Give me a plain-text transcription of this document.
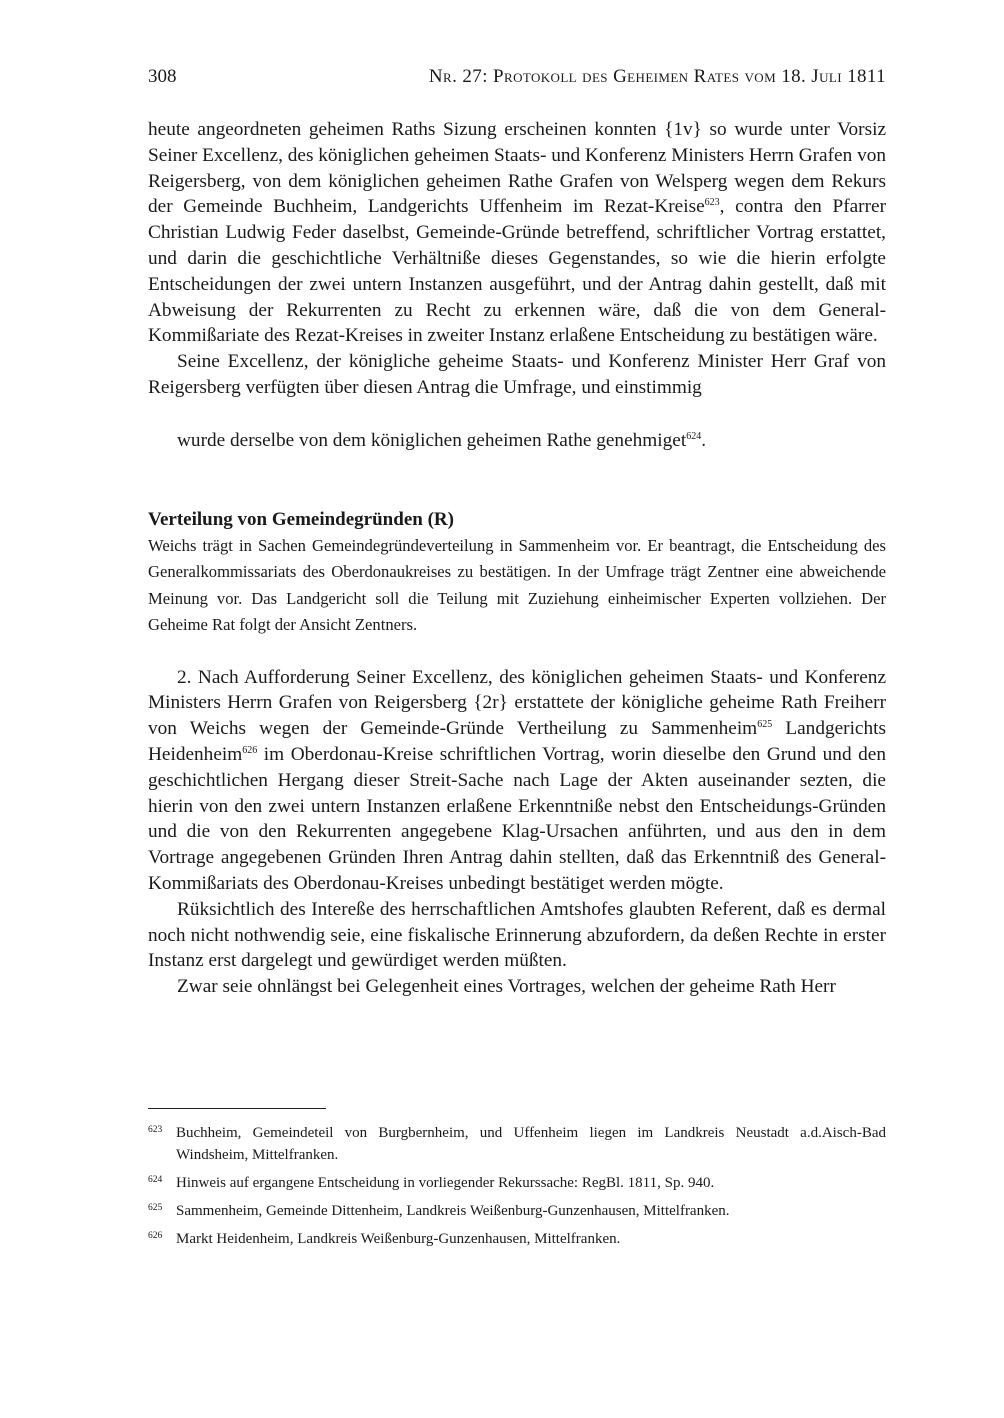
308	Nr. 27: Protokoll des Geheimen Rates vom 18. Juli 1811

heute angeordneten geheimen Raths Sizung erscheinen konnten {1v} so wurde unter Vorsiz Seiner Excellenz, des königlichen geheimen Staats- und Konferenz Ministers Herrn Grafen von Reigersberg, von dem königlichen geheimen Rathe Grafen von Welsperg wegen dem Rekurs der Gemeinde Buchheim, Landgerichts Uffenheim im Rezat-Kreise$^{623}$, contra den Pfarrer Christian Ludwig Feder daselbst, Gemeinde-Gründe betreffend, schriftlicher Vortrag erstattet, und darin die geschichtliche Verhältniße dieses Gegenstandes, so wie die hierin erfolgte Entscheidungen der zwei untern Instanzen ausgeführt, und der Antrag dahin gestellt, daß mit Abweisung der Rekurrenten zu Recht zu erkennen wäre, daß die von dem General-Kommißariate des Rezat-Kreises in zweiter Instanz erlaßene Entscheidung zu bestätigen wäre.

Seine Excellenz, der königliche geheime Staats- und Konferenz Minister Herr Graf von Reigersberg verfügten über diesen Antrag die Umfrage, und einstimmig

wurde derselbe von dem königlichen geheimen Rathe genehmiget$^{624}$.

Verteilung von Gemeindegründen (R)

Weichs trägt in Sachen Gemeindegründeverteilung in Sammenheim vor. Er beantragt, die Entscheidung des Generalkommissariats des Oberdonaukreises zu bestätigen. In der Umfrage trägt Zentner eine abweichende Meinung vor. Das Landgericht soll die Teilung mit Zuziehung einheimischer Experten vollziehen. Der Geheime Rat folgt der Ansicht Zentners.

2. Nach Aufforderung Seiner Excellenz, des königlichen geheimen Staats- und Konferenz Ministers Herrn Grafen von Reigersberg {2r} erstattete der königliche geheime Rath Freiherr von Weichs wegen der Gemeinde-Gründe Vertheilung zu Sammenheim$^{625}$ Landgerichts Heidenheim$^{626}$ im Oberdonau-Kreise schriftlichen Vortrag, worin dieselbe den Grund und den geschichtlichen Hergang dieser Streit-Sache nach Lage der Akten auseinander sezten, die hierin von den zwei untern Instanzen erlaßene Erkenntniße nebst den Entscheidungs-Gründen und die von den Rekurrenten angegebene Klag-Ursachen anführten, und aus den in dem Vortrage angegebenen Gründen Ihren Antrag dahin stellten, daß das Erkenntniß des General-Kommißariats des Oberdonau-Kreises unbedingt bestätiget werden mögte.

Rüksichtlich des Intereße des herrschaftlichen Amtshofes glaubten Referent, daß es dermal noch nicht nothwendig seie, eine fiskalische Erinnerung abzufordern, da deßen Rechte in erster Instanz erst dargelegt und gewürdiget werden müßten.

Zwar seie ohnlängst bei Gelegenheit eines Vortrages, welchen der geheime Rath Herr

623 Buchheim, Gemeindeteil von Burgbernheim, und Uffenheim liegen im Landkreis Neustadt a.d.Aisch-Bad Windsheim, Mittelfranken.

624 Hinweis auf ergangene Entscheidung in vorliegender Rekurssache: RegBl. 1811, Sp. 940.

625 Sammenheim, Gemeinde Dittenheim, Landkreis Weißenburg-Gunzenhausen, Mittelfranken.

626 Markt Heidenheim, Landkreis Weißenburg-Gunzenhausen, Mittelfranken.
